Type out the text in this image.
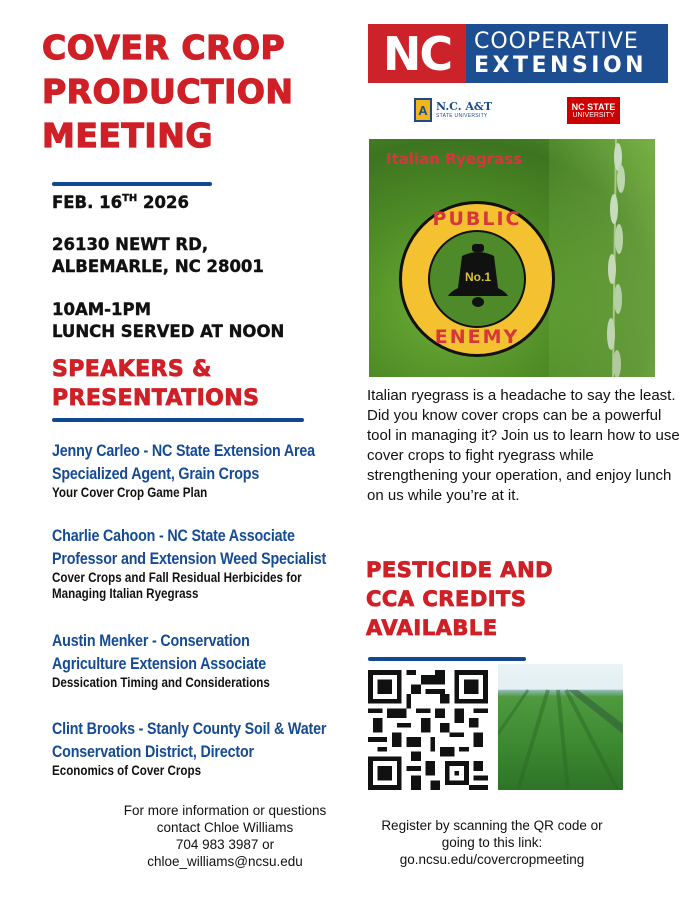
COVER CROP
PRODUCTION
MEETING
FEB. 16TH 2026
26130 NEWT RD,
ALBEMARLE, NC 28001
10AM-1PM
LUNCH SERVED AT NOON
SPEAKERS &
PRESENTATIONS
Jenny Carleo - NC State Extension Area
Specialized Agent, Grain Crops
Your Cover Crop Game Plan
Charlie Cahoon - NC State Associate
Professor and Extension Weed Specialist
Cover Crops and Fall Residual Herbicides for
Managing Italian Ryegrass
Austin Menker - Conservation
Agriculture Extension Associate
Dessication Timing and Considerations
Clint Brooks - Stanly County Soil & Water
Conservation District, Director
Economics of Cover Crops
For more information or questions
contact Chloe Williams
704 983 3987 or
chloe_williams@ncsu.edu
NC	COOPERATIVE
EXTENSION
A N.C. A&T
STATE UNIVERSITY
NC STATE
UNIVERSITY
Italian Ryegrass
PUBLIC
No.1
ENEMY
Italian ryegrass is a headache to say the least. Did you know cover crops can be a powerful tool in managing it? Join us to learn how to use cover crops to fight ryegrass while strengthening your operation, and enjoy lunch on us while you’re at it.
PESTICIDE AND
CCA CREDITS
AVAILABLE
Register by scanning the QR code or
going to this link:
go.ncsu.edu/covercropmeeting
